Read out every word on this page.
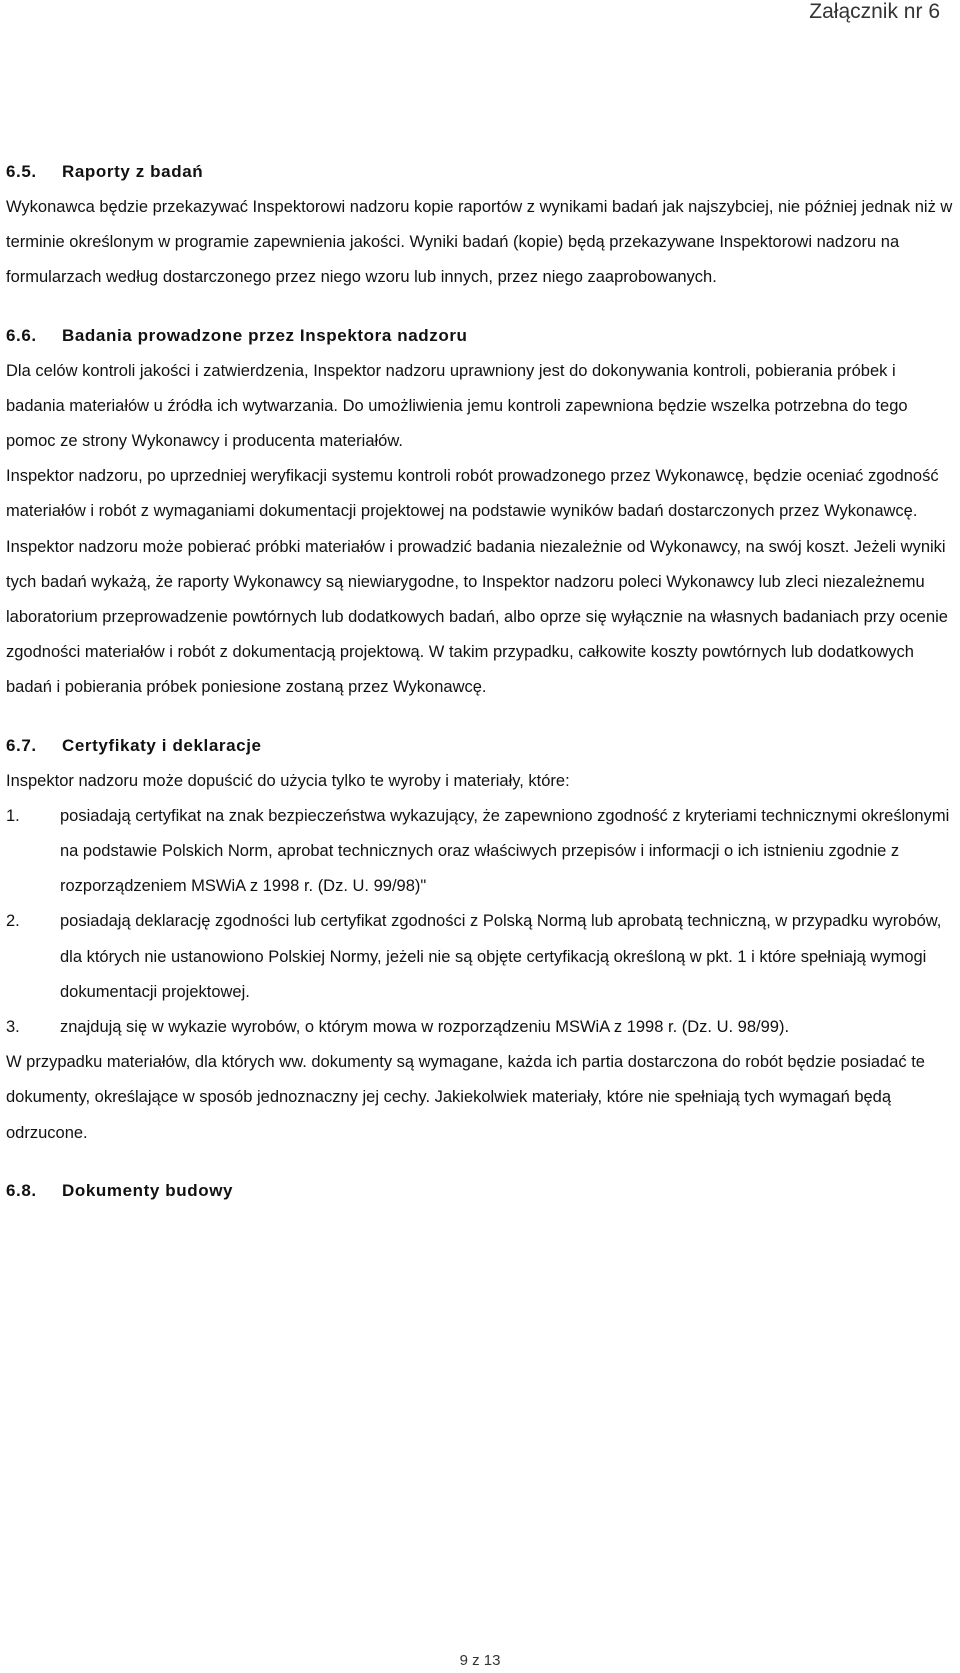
Załącznik nr 6

6.5. Raporty z badań

Wykonawca będzie przekazywać Inspektorowi nadzoru kopie raportów z wynikami badań jak najszybciej, nie później jednak niż w terminie określonym w programie zapewnienia jakości. Wyniki badań (kopie) będą przekazywane Inspektorowi nadzoru na formularzach według dostarczonego przez niego wzoru lub innych, przez niego zaaprobowanych.

6.6. Badania prowadzone przez Inspektora nadzoru

Dla celów kontroli jakości i zatwierdzenia, Inspektor nadzoru uprawniony jest do dokonywania kontroli, pobierania próbek i badania materiałów u źródła ich wytwarzania. Do umożliwienia jemu kontroli zapewniona będzie wszelka potrzebna do tego pomoc ze strony Wykonawcy i producenta materiałów.

Inspektor nadzoru, po uprzedniej weryfikacji systemu kontroli robót prowadzonego przez Wykonawcę, będzie oceniać zgodność materiałów i robót z wymaganiami dokumentacji projektowej na podstawie wyników badań dostarczonych przez Wykonawcę.

Inspektor nadzoru może pobierać próbki materiałów i prowadzić badania niezależnie od Wykonawcy, na swój koszt. Jeżeli wyniki tych badań wykażą, że raporty Wykonawcy są niewiarygodne, to Inspektor nadzoru poleci Wykonawcy lub zleci niezależnemu laboratorium przeprowadzenie powtórnych lub dodatkowych badań, albo oprze się wyłącznie na własnych badaniach przy ocenie zgodności materiałów i robót z dokumentacją projektową. W takim przypadku, całkowite koszty powtórnych lub dodatkowych badań i pobierania próbek poniesione zostaną przez Wykonawcę.

6.7. Certyfikaty i deklaracje

Inspektor nadzoru może dopuścić do użycia tylko te wyroby i materiały, które:

1. posiadają certyfikat na znak bezpieczeństwa wykazujący, że zapewniono zgodność z kryteriami technicznymi określonymi na podstawie Polskich Norm, aprobat technicznych oraz właściwych przepisów i informacji o ich istnieniu zgodnie z rozporządzeniem MSWiA z 1998 r. (Dz. U. 99/98)"
2. posiadają deklarację zgodności lub certyfikat zgodności z Polską Normą lub aprobatą techniczną, w przypadku wyrobów, dla których nie ustanowiono Polskiej Normy, jeżeli nie są objęte certyfikacją określoną w pkt. 1 i które spełniają wymogi dokumentacji projektowej.
3. znajdują się w wykazie wyrobów, o którym mowa w rozporządzeniu MSWiA z 1998 r. (Dz. U. 98/99).

W przypadku materiałów, dla których ww. dokumenty są wymagane, każda ich partia dostarczona do robót będzie posiadać te dokumenty, określające w sposób jednoznaczny jej cechy. Jakiekolwiek materiały, które nie spełniają tych wymagań będą odrzucone.

6.8. Dokumenty budowy

9 z 13
